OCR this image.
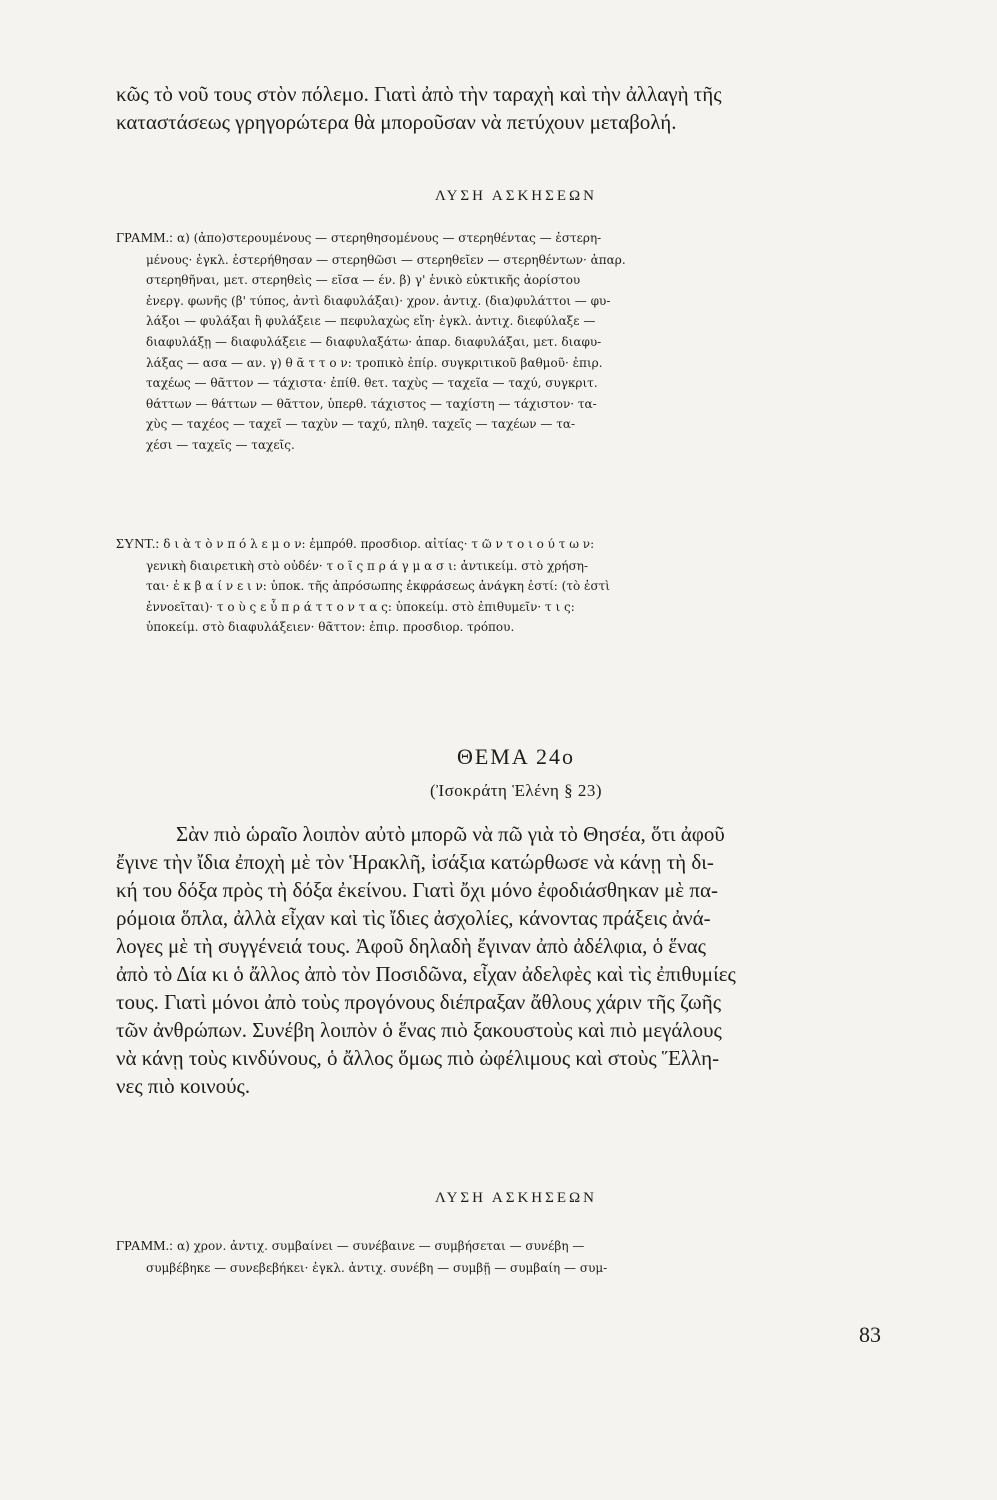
κῶς τὸ νοῦ τους στὸν πόλεμο. Γιατὶ ἀπὸ τὴν ταραχὴ καὶ τὴν ἀλλαγὴ τῆς

καταστάσεως γρηγορώτερα θὰ μποροῦσαν νὰ πετύχουν μεταβολή.

ΛΥΣΗ ΑΣΚΗΣΕΩΝ

ΓΡΑΜΜ.: α) (ἀπο)στερουμένους — στερηθησομένους — στερηθέντας — ἐστερη-

μένους· ἐγκλ. ἐστερήθησαν — στερηθῶσι — στερηθεῖεν — στερηθέντων· ἀπαρ.

στερηθῆναι, μετ. στερηθεὶς — εῖσα — έν. β) γ' ἑνικὸ εὐκτικῆς ἀορίστου

ἐνεργ. φωνῆς (β' τύπος, ἀντὶ διαφυλάξαι)· χρον. ἀντιχ. (δια)φυλάττοι — φυ-

λάξοι — φυλάξαι ἢ φυλάξειε — πεφυλαχὼς εἴη· ἐγκλ. ἀντιχ. διεφύλαξε —

διαφυλάξῃ — διαφυλάξειε — διαφυλαξάτω· ἀπαρ. διαφυλάξαι, μετ. διαφυ-

λάξας — ασα — αν. γ) θ ᾶ τ τ ο ν: τροπικὸ ἐπίρ. συγκριτικοῦ βαθμοῦ· ἐπιρ.

ταχέως — θᾶττον — τάχιστα· ἐπίθ. θετ. ταχὺς — ταχεῖα — ταχύ, συγκριτ.

θάττων — θάττων — θᾶττον, ὑπερθ. τάχιστος — ταχίστη — τάχιστον· τα-

χὺς — ταχέος — ταχεῖ — ταχὺν — ταχύ, πληθ. ταχεῖς — ταχέων — τα-

χέσι — ταχεῖς — ταχεῖς.

ΣΥΝΤ.: δ ι ὰ τ ὸ ν π ό λ ε μ ο ν: ἐμπρόθ. προσδιορ. αἰτίας· τ ῶ ν τ ο ι ο ύ τ ω ν:

γενικὴ διαιρετικὴ στὸ οὐδέν· τ ο ῖ ς π ρ ά γ μ α σ ι: ἀντικείμ. στὸ χρήση-

ται· ἐ κ β α ί ν ε ι ν: ὑποκ. τῆς ἀπρόσωπης ἐκφράσεως ἀνάγκη ἐστί: (τὸ ἐστὶ

ἐννοεῖται)· τ ο ὺ ς ε ὖ π ρ ά τ τ ο ν τ α ς: ὑποκείμ. στὸ ἐπιθυμεῖν· τ ι ς:

ὑποκείμ. στὸ διαφυλάξειεν· θᾶττον: ἐπιρ. προσδιορ. τρόπου.

ΘΕΜΑ 24ο

(Ἰσοκράτη Ἑλένη § 23)

Σὰν πιὸ ὡραῖο λοιπὸν αὐτὸ μπορῶ νὰ πῶ γιὰ τὸ Θησέα, ὅτι ἀφοῦ

ἔγινε τὴν ἴδια ἐποχὴ μὲ τὸν Ἡρακλῆ, ἰσάξια κατώρθωσε νὰ κάνῃ τὴ δι-

κή του δόξα πρὸς τὴ δόξα ἐκείνου. Γιατὶ ὄχι μόνο ἐφοδιάσθηκαν μὲ πα-

ρόμοια ὅπλα, ἀλλὰ εἶχαν καὶ τὶς ἴδιες ἀσχολίες, κάνοντας πράξεις ἀνά-

λογες μὲ τὴ συγγένειά τους. Ἀφοῦ δηλαδὴ ἔγιναν ἀπὸ ἀδέλφια, ὁ ἕνας

ἀπὸ τὸ Δία κι ὁ ἄλλος ἀπὸ τὸν Ποσιδῶνα, εἶχαν ἀδελφὲς καὶ τὶς ἐπιθυμίες

τους. Γιατὶ μόνοι ἀπὸ τοὺς προγόνους διέπραξαν ἄθλους χάριν τῆς ζωῆς

τῶν ἀνθρώπων. Συνέβη λοιπὸν ὁ ἕνας πιὸ ξακουστοὺς καὶ πιὸ μεγάλους

νὰ κάνῃ τοὺς κινδύνους, ὁ ἄλλος ὅμως πιὸ ὠφέλιμους καὶ στοὺς Ἕλλη-

νες πιὸ κοινούς.

ΛΥΣΗ ΑΣΚΗΣΕΩΝ

ΓΡΑΜΜ.: α) χρον. ἀντιχ. συμβαίνει — συνέβαινε — συμβήσεται — συνέβη —

συμβέβηκε — συνεβεβήκει· ἐγκλ. ἀντιχ. συνέβη — συμβῇ — συμβαίη — συμ-

83
